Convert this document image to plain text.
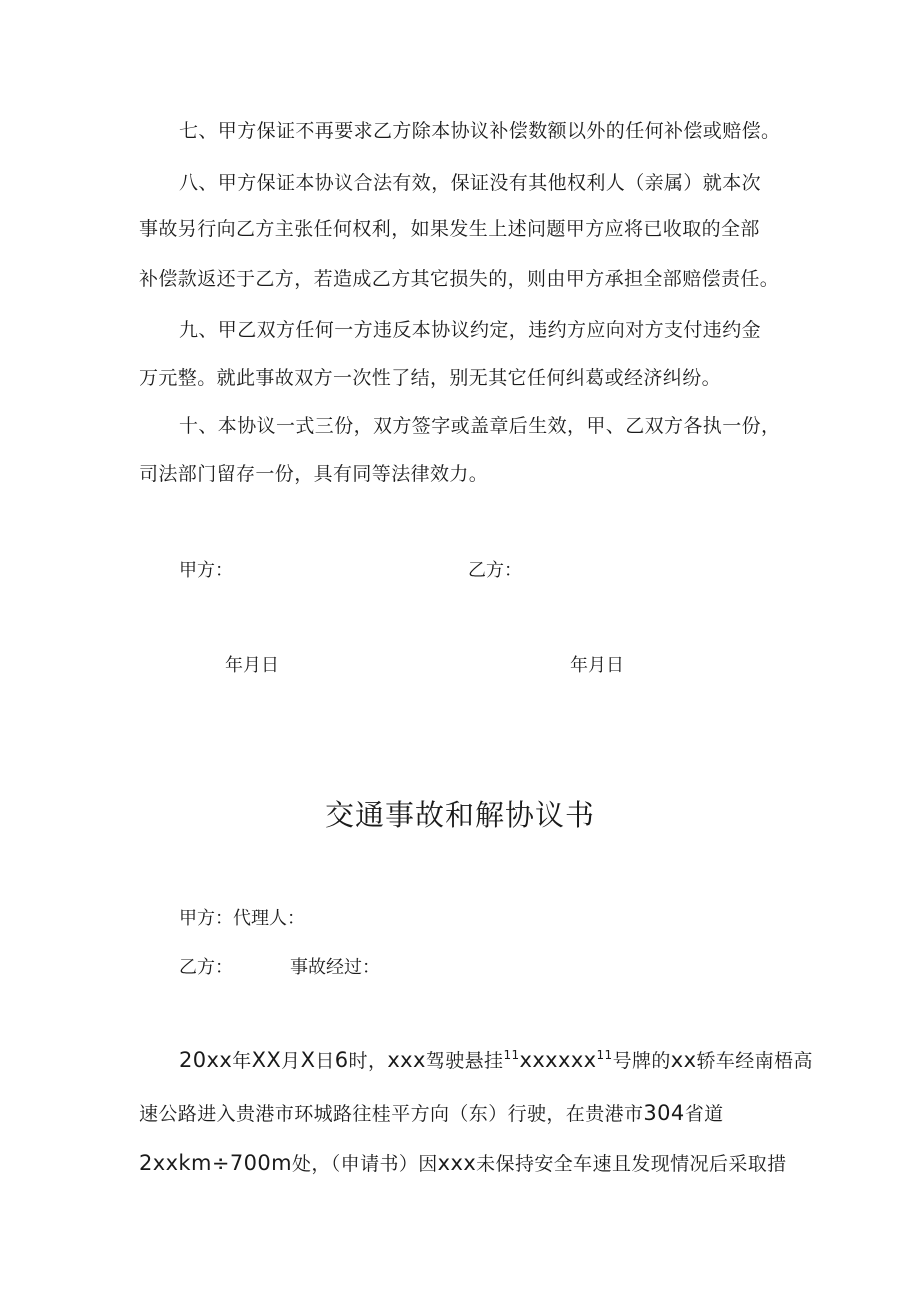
七、甲方保证不再要求乙方除本协议补偿数额以外的任何补偿或赔偿。
八、甲方保证本协议合法有效，保证没有其他权利人（亲属）就本次
事故另行向乙方主张任何权利，如果发生上述问题甲方应将已收取的全部
补偿款返还于乙方，若造成乙方其它损失的，则由甲方承担全部赔偿责任。
九、甲乙双方任何一方违反本协议约定，违约方应向对方支付违约金
万元整。就此事故双方一次性了结，别无其它任何纠葛或经济纠纷。
十、本协议一式三份，双方签字或盖章后生效，甲、乙双方各执一份，
司法部门留存一份，具有同等法律效力。
甲方：	乙方：
年月日	年月日
交通事故和解协议书
甲方：代理人：
乙方：	事故经过：
20xx年XX月X日6时，xxx驾驶悬挂$^{11}$xxxxxx$^{11}$号牌的xx轿车经南梧高
速公路进入贵港市环城路往桂平方向（东）行驶，在贵港市304省道
2xxkm÷700m处，（申请书）因xxx未保持安全车速且发现情况后采取措
